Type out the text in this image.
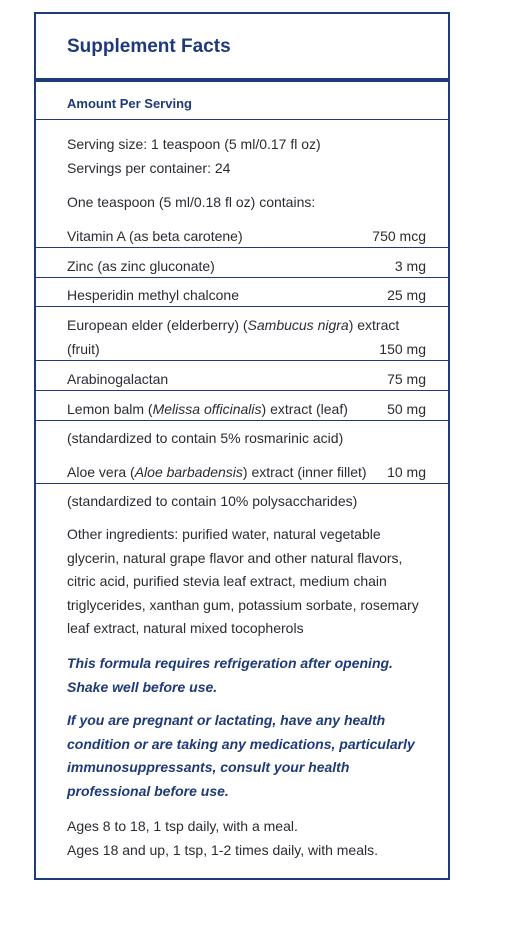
Supplement Facts
Amount Per Serving
Serving size: 1 teaspoon (5 ml/0.17 fl oz)
Servings per container: 24
One teaspoon (5 ml/0.18 fl oz) contains:
Vitamin A (as beta carotene)	750 mcg
Zinc (as zinc gluconate)	3 mg
Hesperidin methyl chalcone	25 mg
European elder (elderberry) (Sambucus nigra) extract
(fruit)	150 mg
Arabinogalactan	75 mg
Lemon balm (Melissa officinalis) extract (leaf)	50 mg
(standardized to contain 5% rosmarinic acid)
Aloe vera (Aloe barbadensis) extract (inner fillet) 10 mg
(standardized to contain 10% polysaccharides)

Other ingredients: purified water, natural vegetable glycerin, natural grape flavor and other natural flavors, citric acid, purified stevia leaf extract, medium chain triglycerides, xanthan gum, potassium sorbate, rosemary leaf extract, natural mixed tocopherols

This formula requires refrigeration after opening. Shake well before use.

If you are pregnant or lactating, have any health condition or are taking any medications, particularly immunosuppressants, consult your health professional before use.

Ages 8 to 18, 1 tsp daily, with a meal.
Ages 18 and up, 1 tsp, 1-2 times daily, with meals.
